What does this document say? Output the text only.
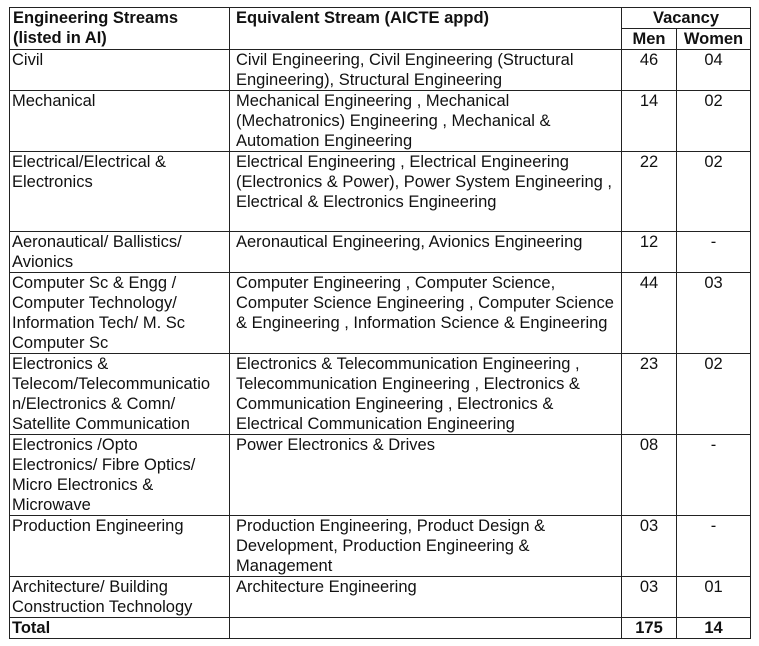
Engineering Streams (listed in AI)	Equivalent Stream (AICTE appd)	Vacancy	
		Men	Women
Civil	Civil Engineering, Civil Engineering (Structural Engineering), Structural Engineering	46	04
Mechanical	Mechanical Engineering , Mechanical (Mechatronics) Engineering , Mechanical & Automation Engineering	14	02
Electrical/Electrical & Electronics	Electrical Engineering , Electrical Engineering (Electronics & Power), Power System Engineering , Electrical & Electronics Engineering	22	02
Aeronautical/ Ballistics/ Avionics	Aeronautical Engineering, Avionics Engineering	12	-
Computer Sc & Engg / Computer Technology/ Information Tech/ M. Sc Computer Sc	Computer Engineering , Computer Science, Computer Science Engineering , Computer Science & Engineering , Information Science & Engineering	44	03
Electronics & Telecom/Telecommunicatio n/Electronics & Comn/ Satellite Communication	Electronics & Telecommunication Engineering , Telecommunication Engineering , Electronics & Communication Engineering , Electronics & Electrical Communication Engineering	23	02
Electronics /Opto Electronics/ Fibre Optics/ Micro Electronics & Microwave	Power Electronics & Drives	08	-
Production Engineering	Production Engineering, Product Design & Development, Production Engineering & Management	03	-
Architecture/ Building Construction Technology	Architecture Engineering	03	01
Total		175	14
